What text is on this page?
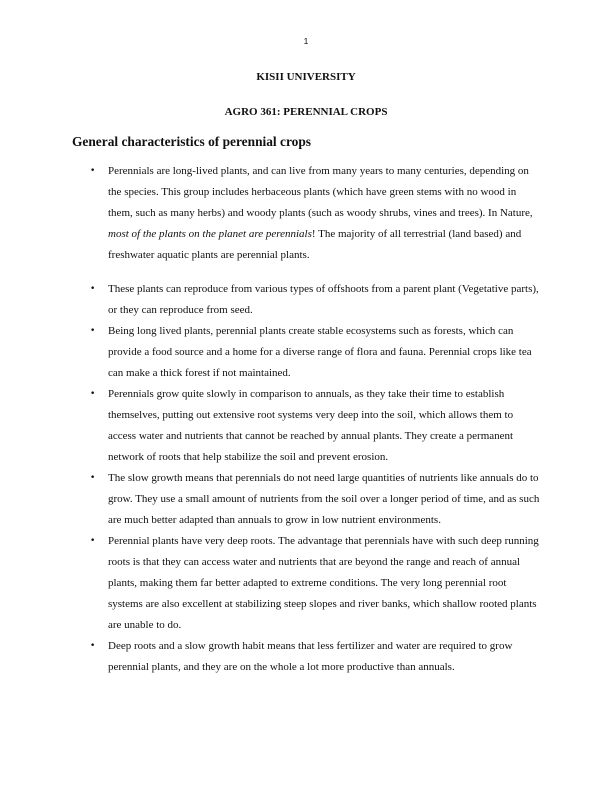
1
KISII UNIVERSITY
AGRO 361: PERENNIAL CROPS
General characteristics of perennial crops
• Perennials are long-lived plants, and can live from many years to many centuries, depending on the species. This group includes herbaceous plants (which have green stems with no wood in them, such as many herbs) and woody plants (such as woody shrubs, vines and trees). In Nature, most of the plants on the planet are perennials! The majority of all terrestrial (land based) and freshwater aquatic plants are perennial plants.
• These plants can reproduce from various types of offshoots from a parent plant (Vegetative parts), or they can reproduce from seed.
• Being long lived plants, perennial plants create stable ecosystems such as forests, which can provide a food source and a home for a diverse range of flora and fauna. Perennial crops like tea can make a thick forest if not maintained.
• Perennials grow quite slowly in comparison to annuals, as they take their time to establish themselves, putting out extensive root systems very deep into the soil, which allows them to access water and nutrients that cannot be reached by annual plants. They create a permanent network of roots that help stabilize the soil and prevent erosion.
• The slow growth means that perennials do not need large quantities of nutrients like annuals do to grow. They use a small amount of nutrients from the soil over a longer period of time, and as such are much better adapted than annuals to grow in low nutrient environments.
• Perennial plants have very deep roots. The advantage that perennials have with such deep running roots is that they can access water and nutrients that are beyond the range and reach of annual plants, making them far better adapted to extreme conditions. The very long perennial root systems are also excellent at stabilizing steep slopes and river banks, which shallow rooted plants are unable to do.
• Deep roots and a slow growth habit means that less fertilizer and water are required to grow perennial plants, and they are on the whole a lot more productive than annuals.
